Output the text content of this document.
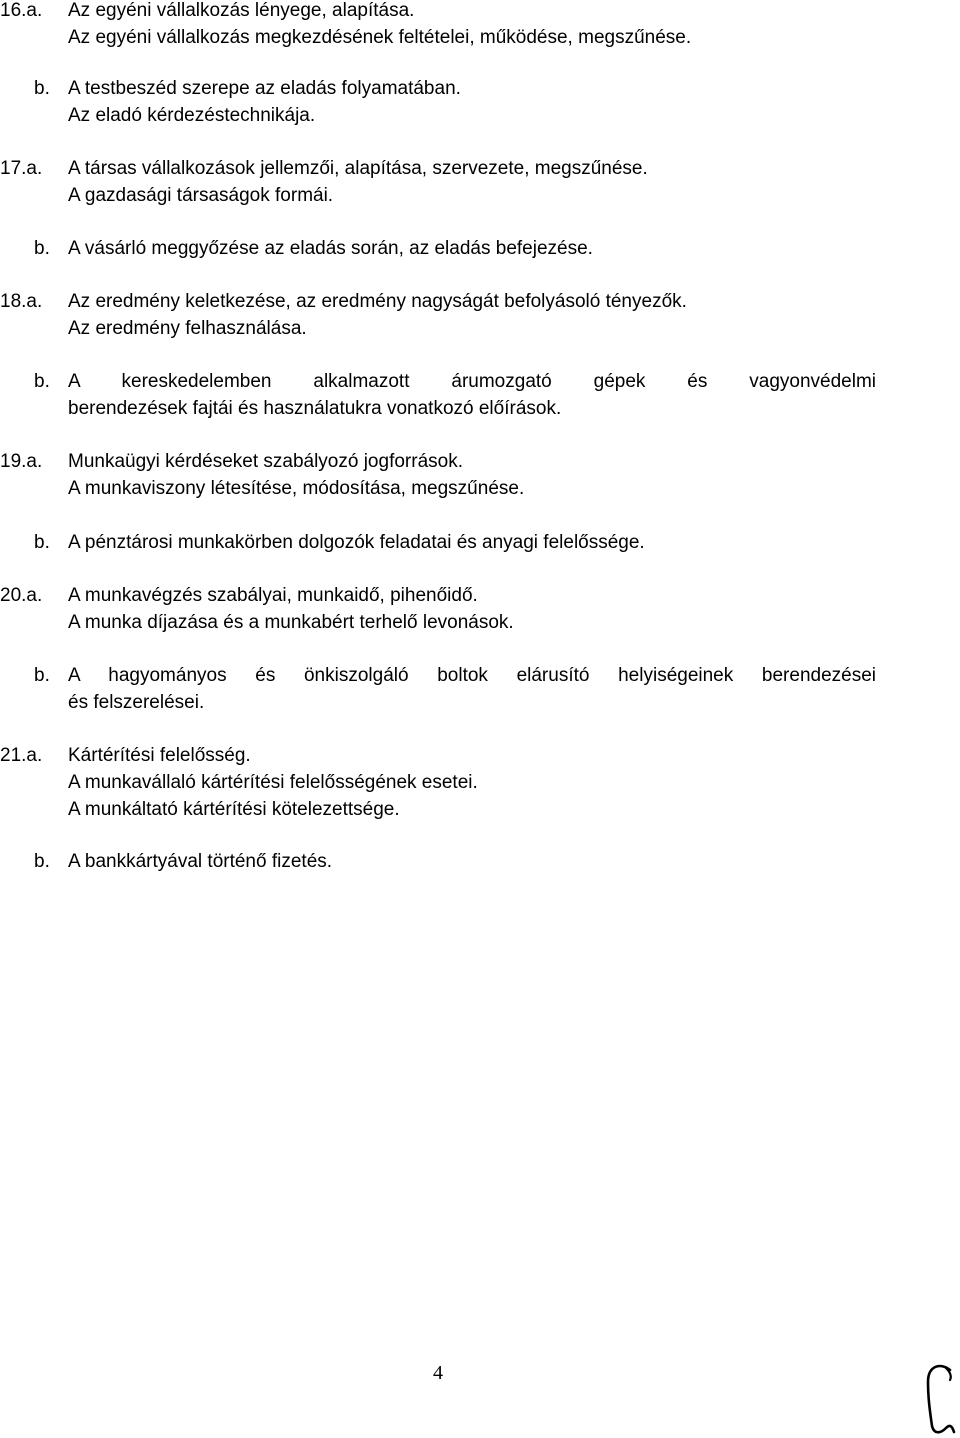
16.a.	Az egyéni vállalkozás lényege, alapítása.
Az egyéni vállalkozás megkezdésének feltételei, működése, megszűnése.
b. A testbeszéd szerepe az eladás folyamatában.
Az eladó kérdezéstechnikája.
17.a.	A társas vállalkozások jellemzői, alapítása, szervezete, megszűnése.
A gazdasági társaságok formái.
b. A vásárló meggyőzése az eladás során, az eladás befejezése.
18.a.	Az eredmény keletkezése, az eredmény nagyságát befolyásoló tényezők.
Az eredmény felhasználása.
b. A kereskedelemben alkalmazott árumozgató gépek és vagyonvédelmi
berendezések fajtái és használatukra vonatkozó előírások.
19.a.	Munkaügyi kérdéseket szabályozó jogforrások.
A munkaviszony létesítése, módosítása, megszűnése.
b. A pénztárosi munkakörben dolgozók feladatai és anyagi felelőssége.
20.a.	A munkavégzés szabályai, munkaidő, pihenőidő.
A munka díjazása és a munkabért terhelő levonások.
b. A hagyományos és önkiszolgáló boltok elárusító helyiségeinek berendezései
és felszerelései.
21.a.	Kártérítési felelősség.
A munkavállaló kártérítési felelősségének esetei.
A munkáltató kártérítési kötelezettsége.
b. A bankkártyával történő fizetés.
4
